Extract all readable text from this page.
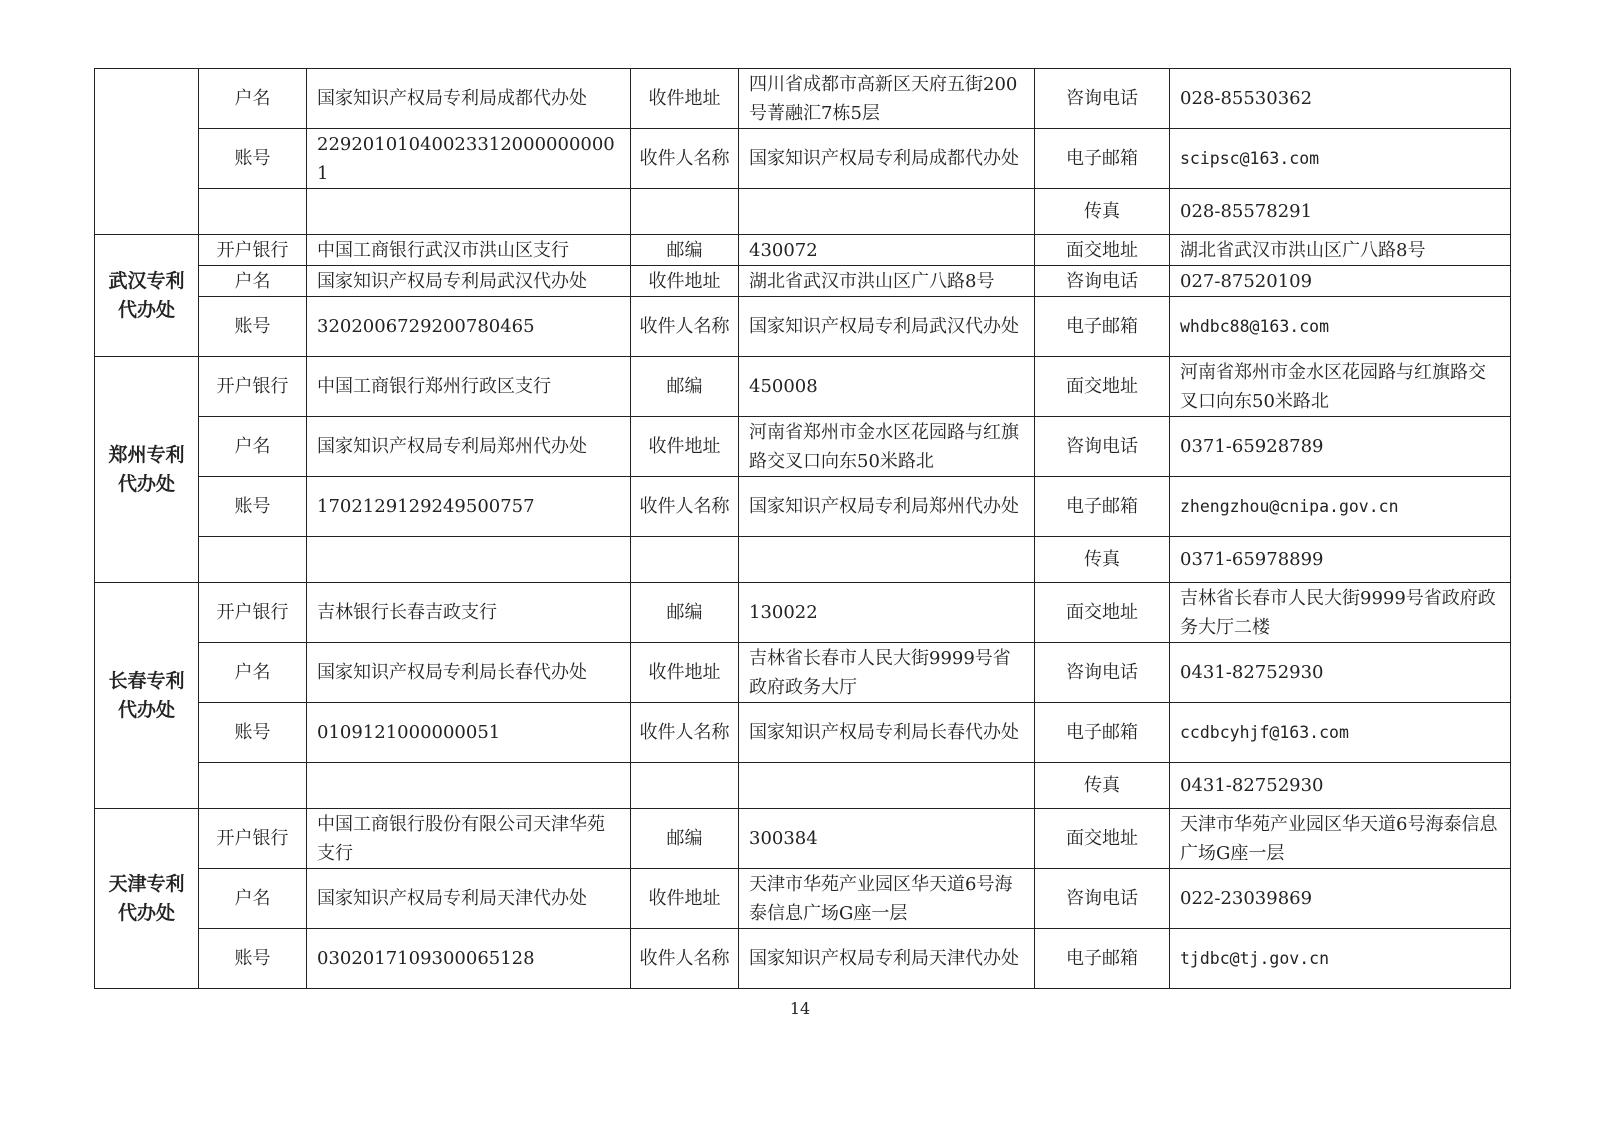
	户名	国家知识产权局专利局成都代办处	收件地址	四川省成都市高新区天府五街200号菁融汇7栋5层	咨询电话	028-85530362
	账号	229201010400233120000000001	收件人名称	国家知识产权局专利局成都代办处	电子邮箱	scipsc@163.com
					传真	028-85578291
武汉专利代办处	开户银行	中国工商银行武汉市洪山区支行	邮编	430072	面交地址	湖北省武汉市洪山区广八路8号
	户名	国家知识产权局专利局武汉代办处	收件地址	湖北省武汉市洪山区广八路8号	咨询电话	027-87520109
	账号	3202006729200780465	收件人名称	国家知识产权局专利局武汉代办处	电子邮箱	whdbc88@163.com
郑州专利代办处	开户银行	中国工商银行郑州行政区支行	邮编	450008	面交地址	河南省郑州市金水区花园路与红旗路交叉口向东50米路北
	户名	国家知识产权局专利局郑州代办处	收件地址	河南省郑州市金水区花园路与红旗路交叉口向东50米路北	咨询电话	0371-65928789
	账号	1702129129249500757	收件人名称	国家知识产权局专利局郑州代办处	电子邮箱	zhengzhou@cnipa.gov.cn
					传真	0371-65978899
长春专利代办处	开户银行	吉林银行长春吉政支行	邮编	130022	面交地址	吉林省长春市人民大街9999号省政府政务大厅二楼
	户名	国家知识产权局专利局长春代办处	收件地址	吉林省长春市人民大街9999号省政府政务大厅	咨询电话	0431-82752930
	账号	0109121000000051	收件人名称	国家知识产权局专利局长春代办处	电子邮箱	ccdbcyhjf@163.com
					传真	0431-82752930
天津专利代办处	开户银行	中国工商银行股份有限公司天津华苑支行	邮编	300384	面交地址	天津市华苑产业园区华天道6号海泰信息广场G座一层
	户名	国家知识产权局专利局天津代办处	收件地址	天津市华苑产业园区华天道6号海泰信息广场G座一层	咨询电话	022-23039869
	账号	0302017109300065128	收件人名称	国家知识产权局专利局天津代办处	电子邮箱	tjdbc@tj.gov.cn
14
